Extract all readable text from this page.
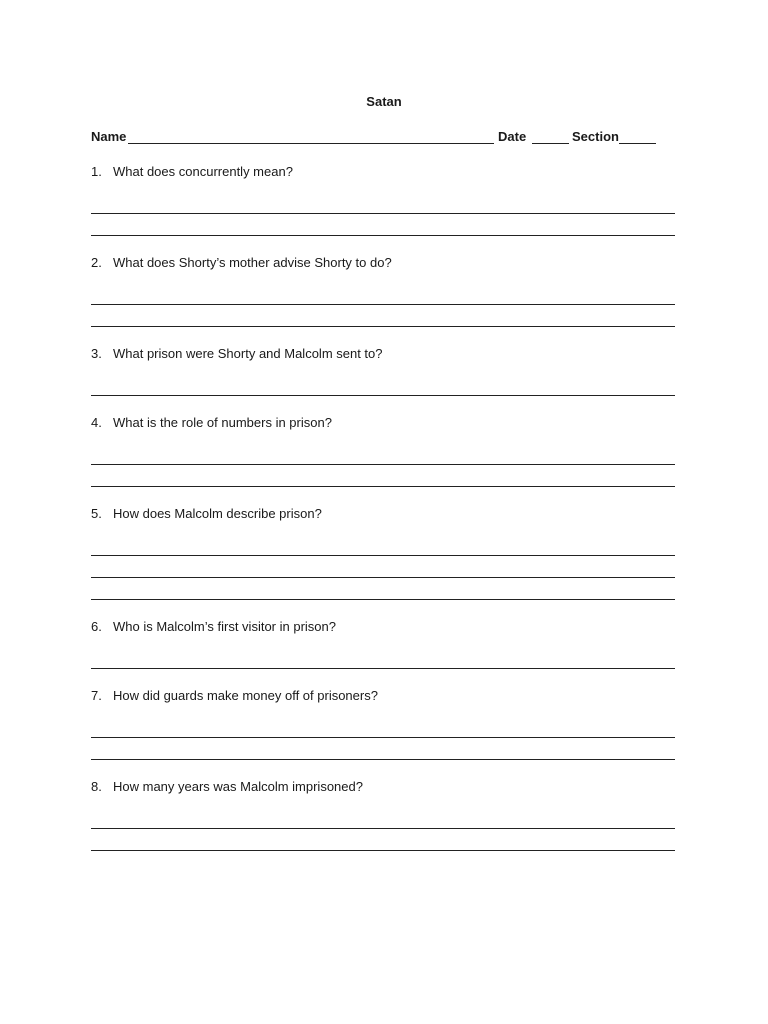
Satan
Name	Date	Section
1. What does concurrently mean?
2. What does Shorty’s mother advise Shorty to do?
3. What prison were Shorty and Malcolm sent to?
4. What is the role of numbers in prison?
5. How does Malcolm describe prison?
6. Who is Malcolm’s first visitor in prison?
7. How did guards make money off of prisoners?
8. How many years was Malcolm imprisoned?
